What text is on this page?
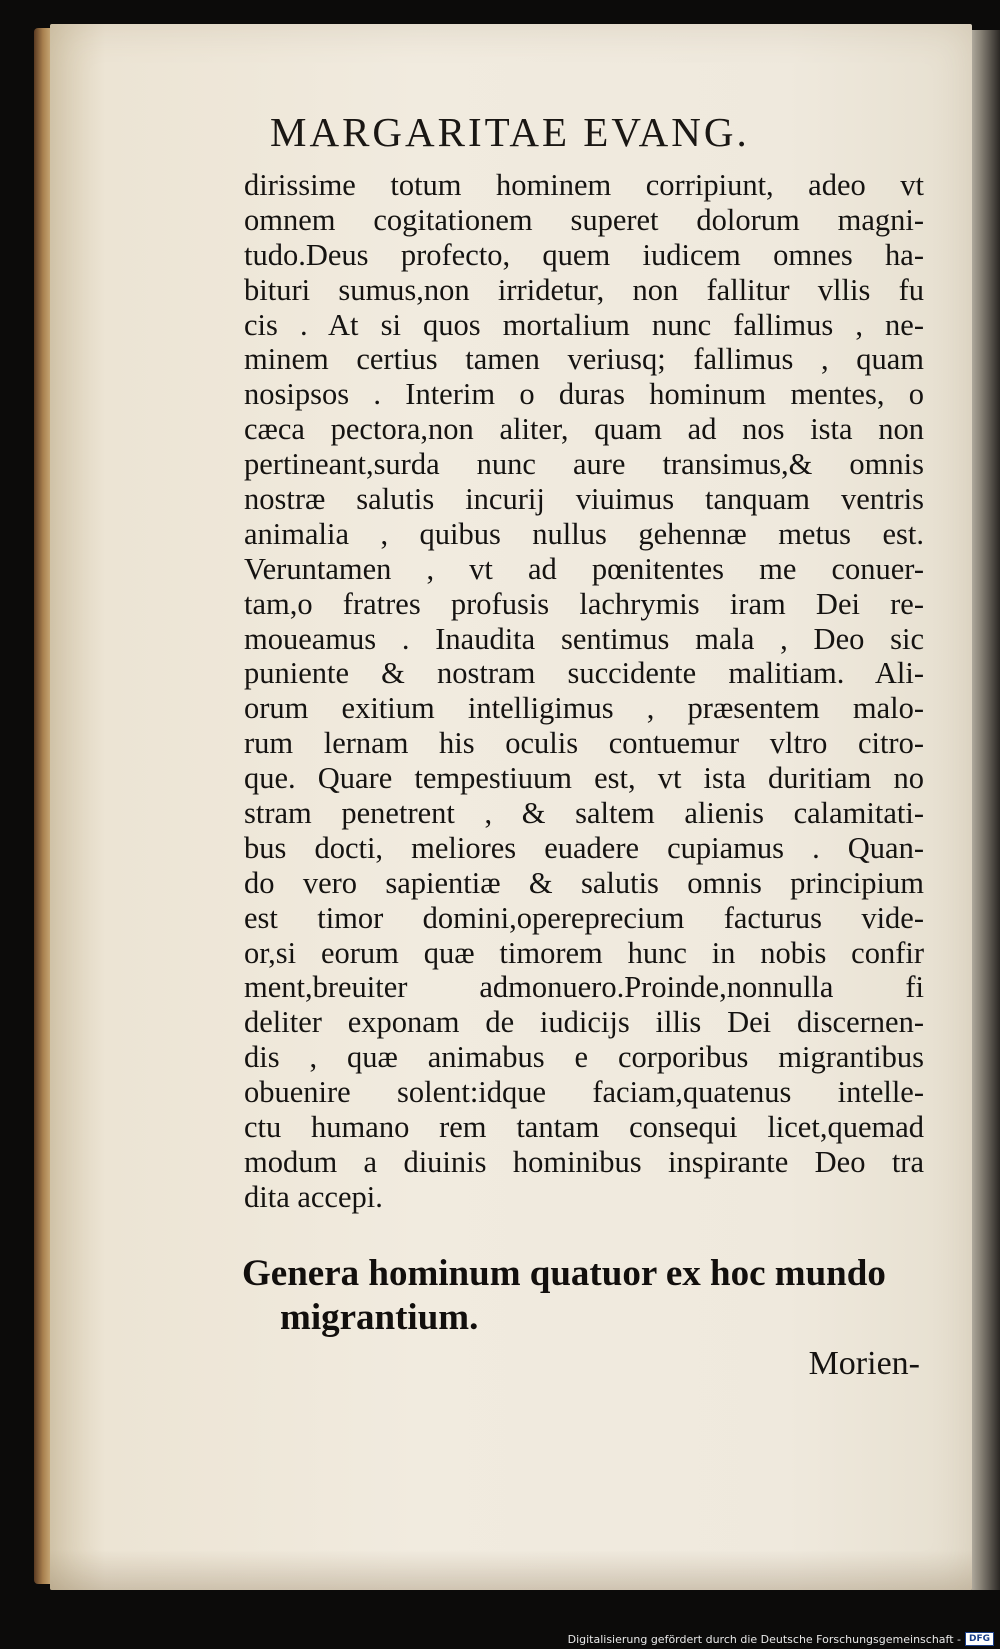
MARGARITAE EVANG.
dirissime totum hominem corripiunt, adeo vt
omnem cogitationem superet dolorum magni-
tudo.Deus profecto, quem iudicem omnes ha-
bituri sumus,non irridetur, non fallitur vllis fu
cis . At si quos mortalium nunc fallimus , ne-
minem certius tamen veriusq; fallimus , quam
nosipsos . Interim o duras hominum mentes, o
cæca pectora,non aliter, quam ad nos ista non
pertineant,surda nunc aure transimus,& omnis
nostræ salutis incurij viuimus tanquam ventris
animalia , quibus nullus gehennæ metus est.
Veruntamen , vt ad pœnitentes me conuer-
tam,o fratres profusis lachrymis iram Dei re-
moueamus . Inaudita sentimus mala , Deo sic
puniente & nostram succidente malitiam. Ali-
orum exitium intelligimus , præsentem malo-
rum lernam his oculis contuemur vltro citro-
que. Quare tempestiuum est, vt ista duritiam no
stram penetrent , & saltem alienis calamitati-
bus docti, meliores euadere cupiamus . Quan-
do vero sapientiæ & salutis omnis principium
est timor domini,opereprecium facturus vide-
or,si eorum quæ timorem hunc in nobis confir
ment,breuiter admonuero.Proinde,nonnulla fi
deliter exponam de iudicijs illis Dei discernen-
dis , quæ animabus e corporibus migrantibus
obuenire solent:idque faciam,quatenus intelle-
ctu humano rem tantam consequi licet,quemad
modum a diuinis hominibus inspirante Deo tra
dita accepi.
Genera hominum quatuor ex hoc mundo
migrantium.
Morien-
Digitalisierung gefördert durch die Deutsche Forschungsgemeinschaft - DFG
